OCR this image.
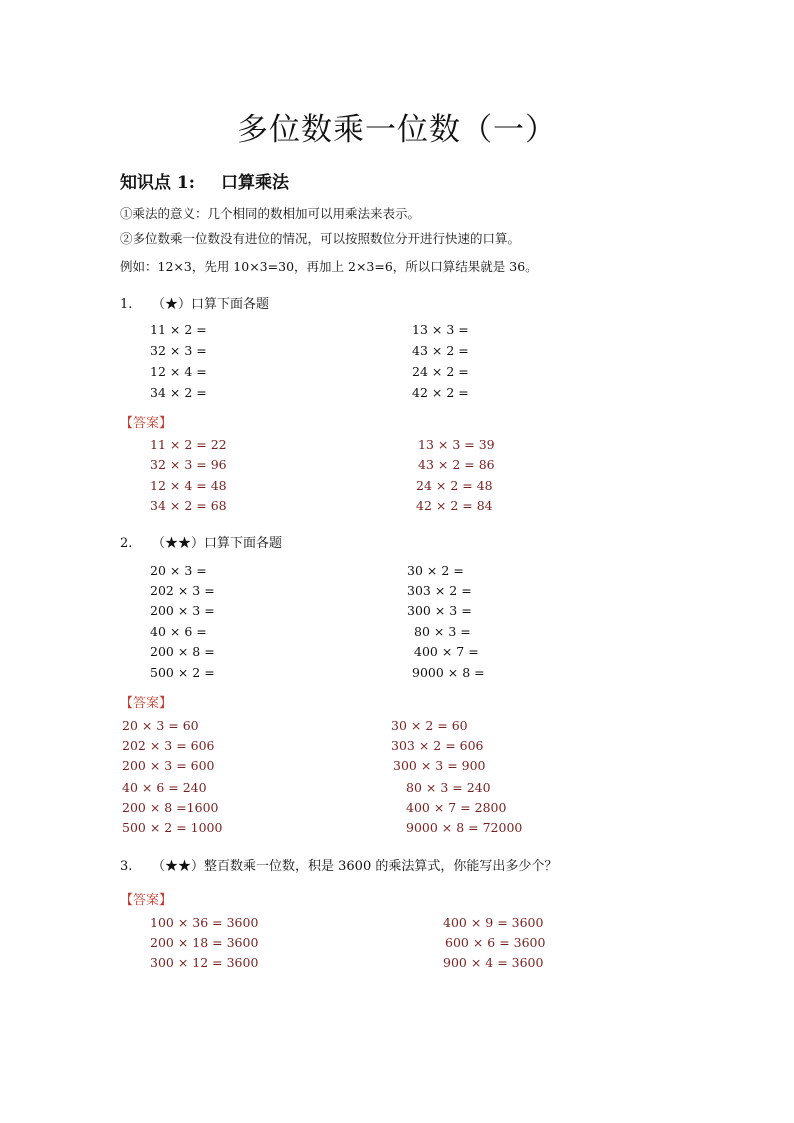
多位数乘一位数（一）
知识点 1: 口算乘法
①乘法的意义：几个相同的数相加可以用乘法来表示。
②多位数乘一位数没有进位的情况，可以按照数位分开进行快速的口算。
例如：12×3，先用 10×3=30，再加上 2×3=6，所以口算结果就是 36。
1. （★）口算下面各题
11 × 2 =
32 × 3 =
12 × 4 =
34 × 2 =
13 × 3 =
43 × 2 =
24 × 2 =
42 × 2 =
【答案】
11 × 2 = 22
32 × 3 = 96
12 × 4 = 48
34 × 2 = 68
13 × 3 = 39
43 × 2 = 86
24 × 2 = 48
42 × 2 = 84
2. （★★）口算下面各题
20 × 3 =
202 × 3 =
200 × 3 =
40 × 6 =
200 × 8 =
500 × 2 =
30 × 2 =
303 × 2 =
300 × 3 =
80 × 3 =
400 × 7 =
9000 × 8 =
【答案】
20 × 3 = 60
202 × 3 = 606
200 × 3 = 600
40 × 6 = 240
200 × 8 =1600
500 × 2 = 1000
30 × 2 = 60
303 × 2 = 606
300 × 3 = 900
80 × 3 = 240
400 × 7 = 2800
9000 × 8 = 72000
3. （★★）整百数乘一位数，积是 3600 的乘法算式，你能写出多少个？
【答案】
100 × 36 = 3600
200 × 18 = 3600
300 × 12 = 3600
400 × 9 = 3600
600 × 6 = 3600
900 × 4 = 3600
